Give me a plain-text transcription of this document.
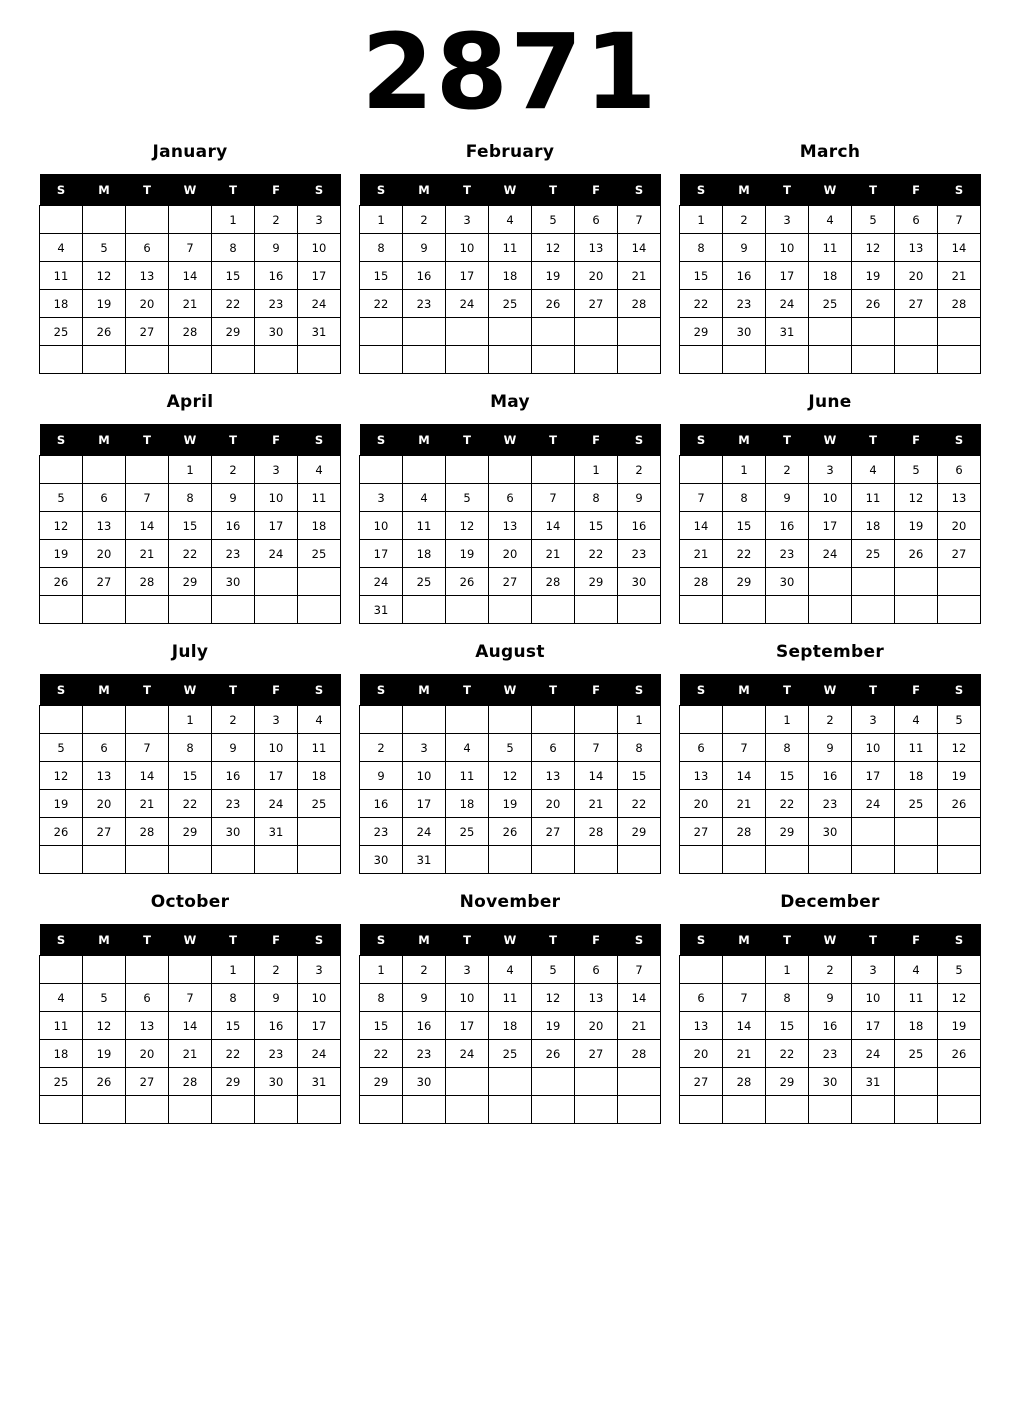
2871
January
S	M	T	W	T	F	S
				1	2	3
4	5	6	7	8	9	10
11	12	13	14	15	16	17
18	19	20	21	22	23	24
25	26	27	28	29	30	31

February
S	M	T	W	T	F	S
1	2	3	4	5	6	7
8	9	10	11	12	13	14
15	16	17	18	19	20	21
22	23	24	25	26	27	28

March
S	M	T	W	T	F	S
1	2	3	4	5	6	7
8	9	10	11	12	13	14
15	16	17	18	19	20	21
22	23	24	25	26	27	28
29	30	31				

April
S	M	T	W	T	F	S
			1	2	3	4
5	6	7	8	9	10	11
12	13	14	15	16	17	18
19	20	21	22	23	24	25
26	27	28	29	30		

May
S	M	T	W	T	F	S
					1	2
3	4	5	6	7	8	9
10	11	12	13	14	15	16
17	18	19	20	21	22	23
24	25	26	27	28	29	30
31						
June
S	M	T	W	T	F	S
	1	2	3	4	5	6
7	8	9	10	11	12	13
14	15	16	17	18	19	20
21	22	23	24	25	26	27
28	29	30				

July
S	M	T	W	T	F	S
			1	2	3	4
5	6	7	8	9	10	11
12	13	14	15	16	17	18
19	20	21	22	23	24	25
26	27	28	29	30	31	

August
S	M	T	W	T	F	S
						1
2	3	4	5	6	7	8
9	10	11	12	13	14	15
16	17	18	19	20	21	22
23	24	25	26	27	28	29
30	31					
September
S	M	T	W	T	F	S
		1	2	3	4	5
6	7	8	9	10	11	12
13	14	15	16	17	18	19
20	21	22	23	24	25	26
27	28	29	30			

October
S	M	T	W	T	F	S
				1	2	3
4	5	6	7	8	9	10
11	12	13	14	15	16	17
18	19	20	21	22	23	24
25	26	27	28	29	30	31

November
S	M	T	W	T	F	S
1	2	3	4	5	6	7
8	9	10	11	12	13	14
15	16	17	18	19	20	21
22	23	24	25	26	27	28
29	30					

December
S	M	T	W	T	F	S
		1	2	3	4	5
6	7	8	9	10	11	12
13	14	15	16	17	18	19
20	21	22	23	24	25	26
27	28	29	30	31		
